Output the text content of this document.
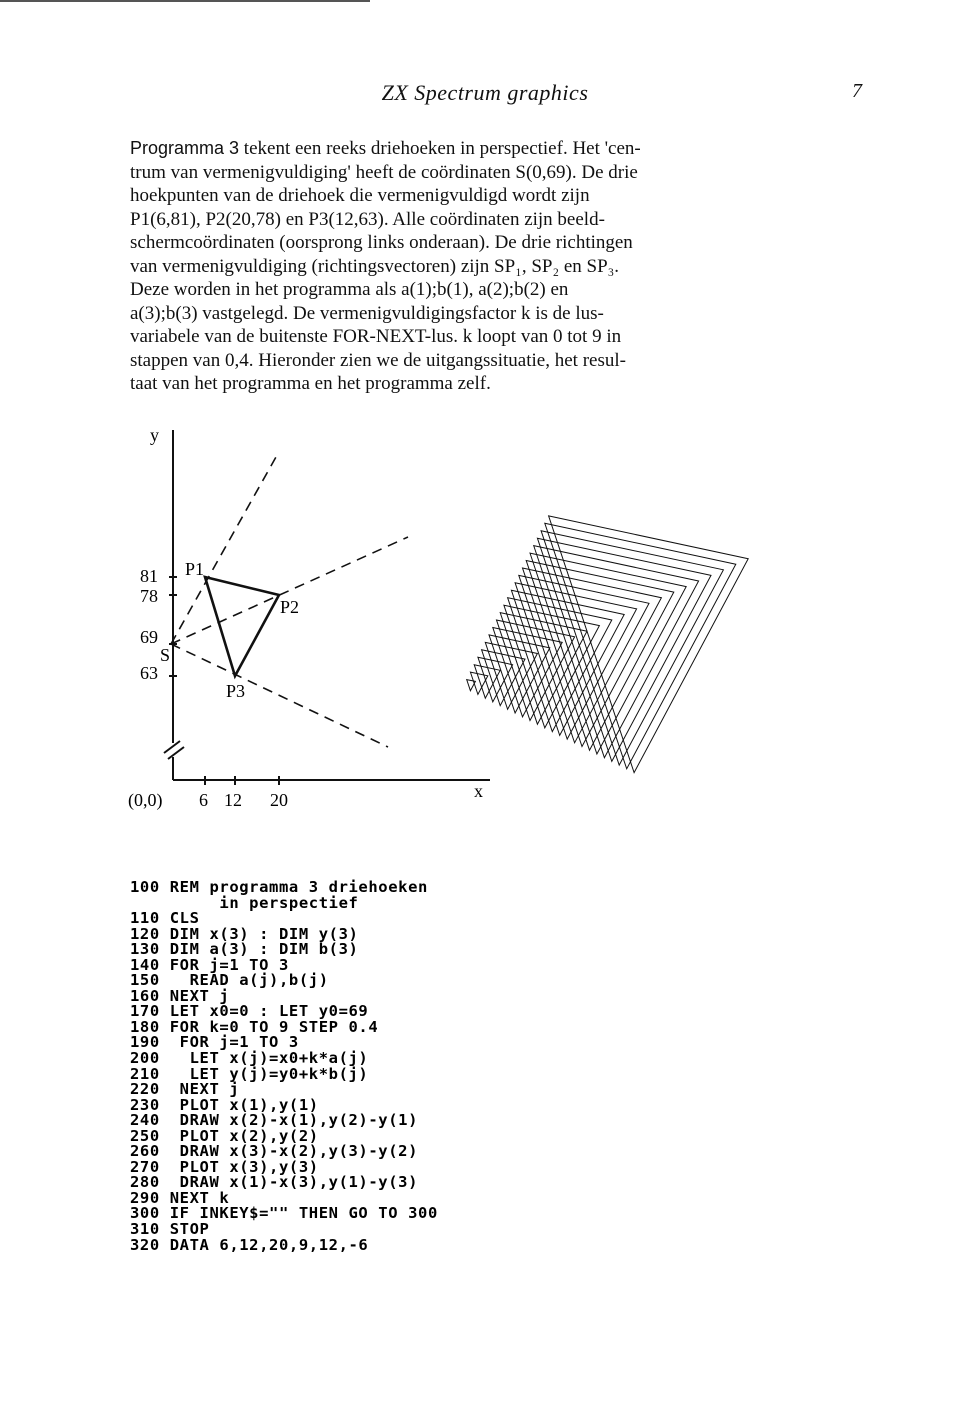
ZX Spectrum graphics	7
Programma 3 tekent een reeks driehoeken in perspectief. Het 'cen-
trum van vermenigvuldiging' heeft de coördinaten S(0,69). De drie
hoekpunten van de driehoek die vermenigvuldigd wordt zijn
P1(6,81), P2(20,78) en P3(12,63). Alle coördinaten zijn beeld-
schermcoördinaten (oorsprong links onderaan). De drie richtingen
van vermenigvuldiging (richtingsvectoren) zijn SP₁, SP₂ en SP₃.
Deze worden in het programma als a(1);b(1), a(2);b(2) en
a(3);b(3) vastgelegd. De vermenigvuldigingsfactor k is de lus-
variabele van de buitenste FOR-NEXT-lus. k loopt van 0 tot 9 in
stappen van 0,4. Hieronder zien we de uitgangssituatie, het resul-
taat van het programma en het programma zelf.
y
x
(0,0) 6 12 20
81
78
69
63
P1
P2
P3
S
100 REM programma 3 driehoeken
in perspectief
110 CLS
120 DIM x(3) : DIM y(3)
130 DIM a(3) : DIM b(3)
140 FOR j=1 TO 3
150   READ a(j),b(j)
160 NEXT j
170 LET x0=0 : LET y0=69
180 FOR k=0 TO 9 STEP 0.4
190  FOR j=1 TO 3
200   LET x(j)=x0+k*a(j)
210   LET y(j)=y0+k*b(j)
220  NEXT j
230  PLOT x(1),y(1)
240  DRAW x(2)-x(1),y(2)-y(1)
250  PLOT x(2),y(2)
260  DRAW x(3)-x(2),y(3)-y(2)
270  PLOT x(3),y(3)
280  DRAW x(1)-x(3),y(1)-y(3)
290 NEXT k
300 IF INKEY$="" THEN GO TO 300
310 STOP
320 DATA 6,12,20,9,12,-6
